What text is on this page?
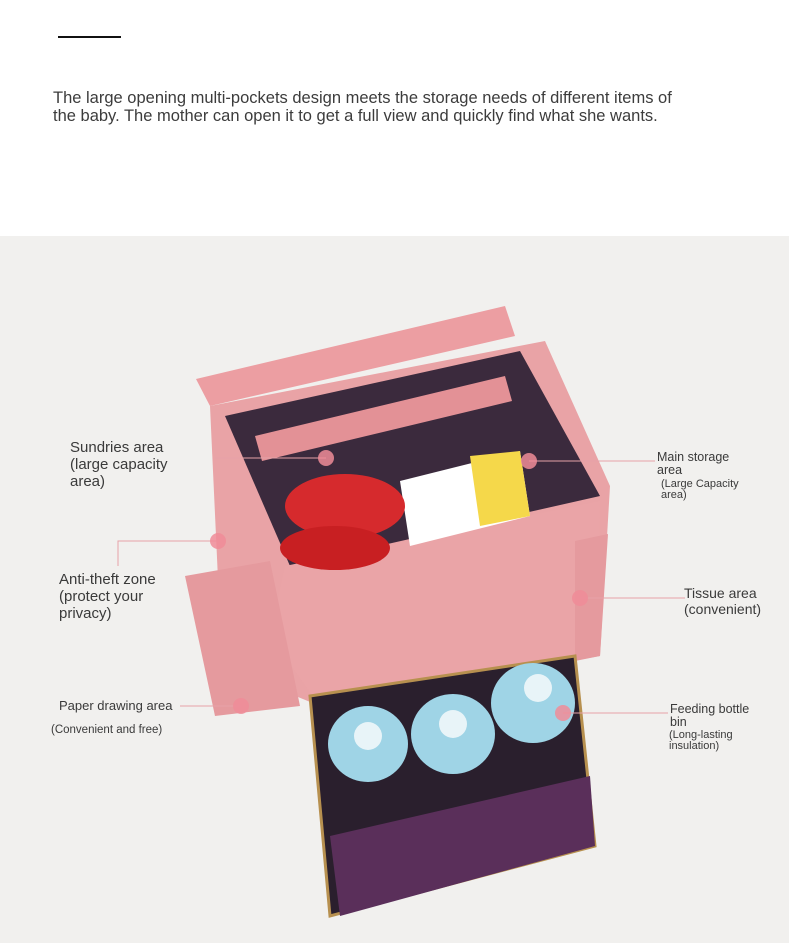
The large opening multi-pockets design meets the storage needs of different items of
the baby. The mother can open it to get a full view and quickly find what she wants.

Sundries area
(large capacity
area)

Anti-theft zone
(protect your
privacy)

Paper drawing area

(Convenient and free)

Main storage
area

(Large Capacity
area)

Tissue area
(convenient)

Feeding bottle
bin

(Long-lasting
insulation)
